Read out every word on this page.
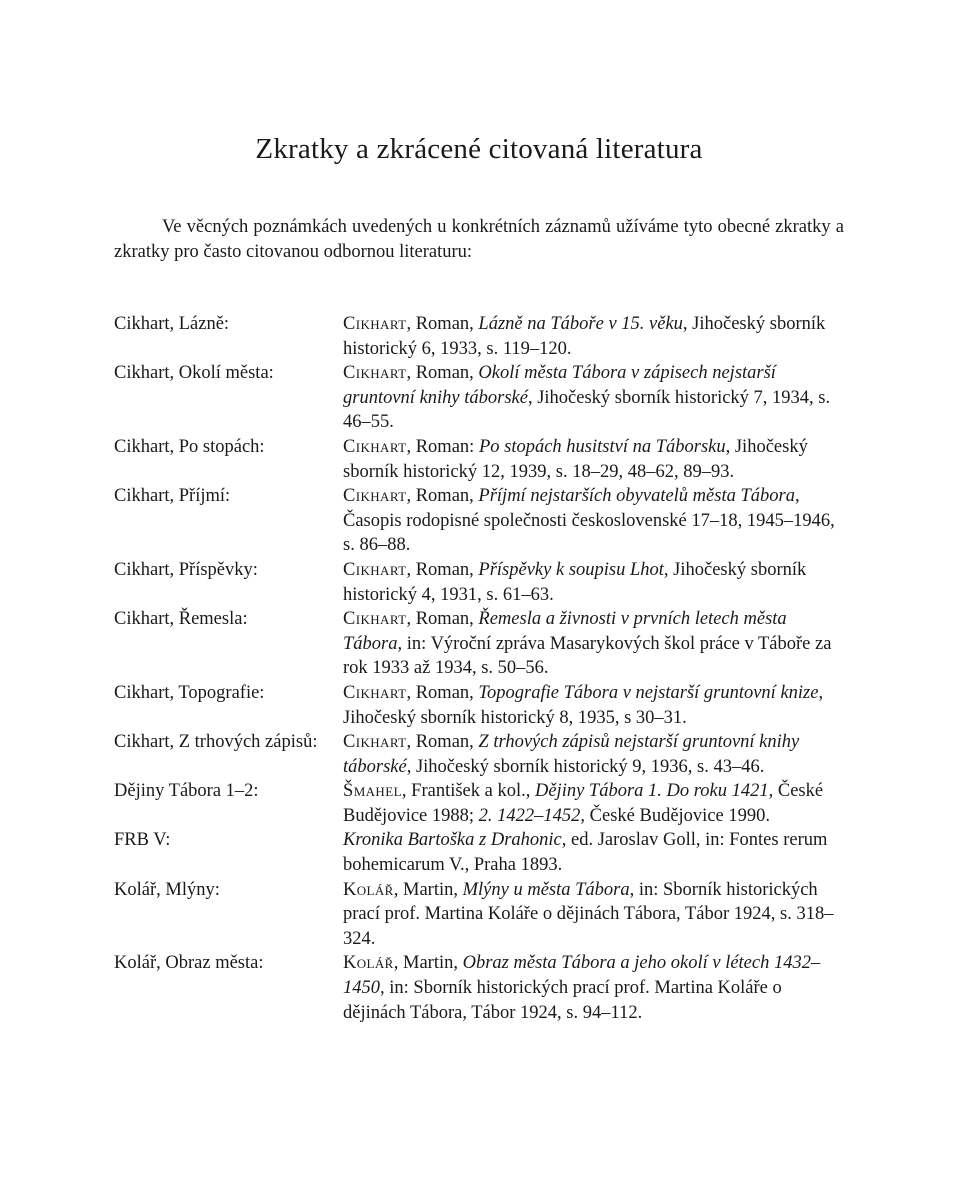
Zkratky a zkrácené citovaná literatura

Ve věcných poznámkách uvedených u konkrétních záznamů užíváme tyto obecné zkratky a zkratky pro často citovanou odbornou literaturu:

Cikhart, Lázně:	Cikhart, Roman, Lázně na Táboře v 15. věku, Jihočeský sborník historický 6, 1933, s. 119–120.
Cikhart, Okolí města:	Cikhart, Roman, Okolí města Tábora v zápisech nejstarší gruntovní knihy táborské, Jihočeský sborník historický 7, 1934, s. 46–55.
Cikhart, Po stopách:	Cikhart, Roman: Po stopách husitství na Táborsku, Jihočeský sborník historický 12, 1939, s. 18–29, 48–62, 89–93.
Cikhart, Příjmí:	Cikhart, Roman, Příjmí nejstarších obyvatelů města Tábora, Časopis rodopisné společnosti československé 17–18, 1945–1946, s. 86–88.
Cikhart, Příspěvky:	Cikhart, Roman, Příspěvky k soupisu Lhot, Jihočeský sborník historický 4, 1931, s. 61–63.
Cikhart, Řemesla:	Cikhart, Roman, Řemesla a živnosti v prvních letech města Tábora, in: Výroční zpráva Masarykových škol práce v Táboře za rok 1933 až 1934, s. 50–56.
Cikhart, Topografie:	Cikhart, Roman, Topografie Tábora v nejstarší gruntovní knize, Jihočeský sborník historický 8, 1935, s 30–31.
Cikhart, Z trhových zápisů:	Cikhart, Roman, Z trhových zápisů nejstarší gruntovní knihy táborské, Jihočeský sborník historický 9, 1936, s. 43–46.
Dějiny Tábora 1–2:	Šmahel, František a kol., Dějiny Tábora 1. Do roku 1421, České Budějovice 1988; 2. 1422–1452, České Budějovice 1990.
FRB V:	Kronika Bartoška z Drahonic, ed. Jaroslav Goll, in: Fontes rerum bohemicarum V., Praha 1893.
Kolář, Mlýny:	Kolář, Martin, Mlýny u města Tábora, in: Sborník historických prací prof. Martina Koláře o dějinách Tábora, Tábor 1924, s. 318–324.
Kolář, Obraz města:	Kolář, Martin, Obraz města Tábora a jeho okolí v létech 1432–1450, in: Sborník historických prací prof. Martina Koláře o dějinách Tábora, Tábor 1924, s. 94–112.
